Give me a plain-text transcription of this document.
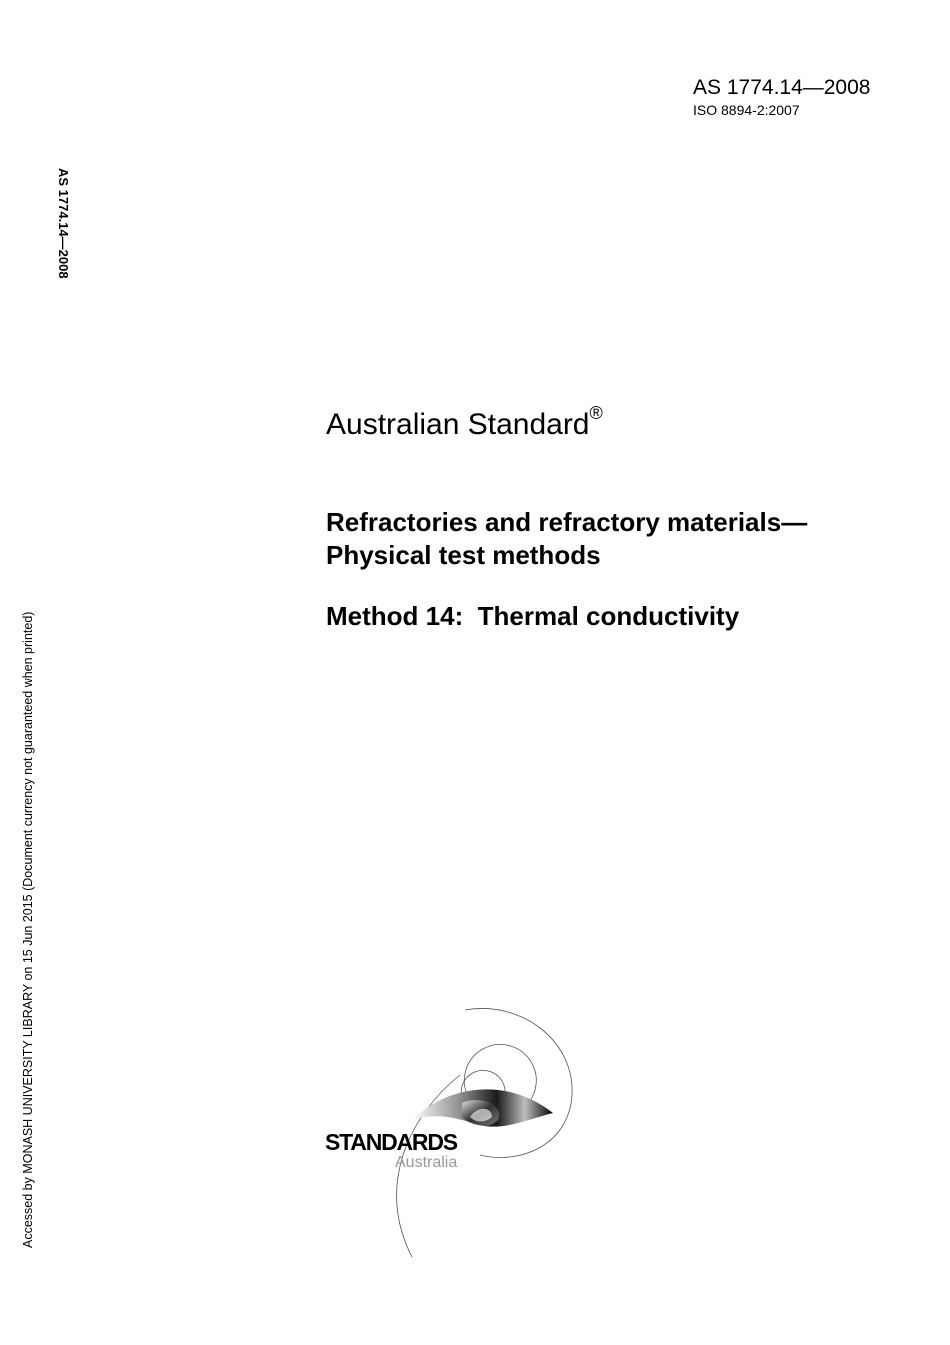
AS 1774.14—2008
ISO 8894-2:2007
AS 1774.14—2008
Accessed by MONASH UNIVERSITY LIBRARY on 15 Jun 2015 (Document currency not guaranteed when printed)
Australian Standard®
Refractories and refractory materials—
Physical test methods
Method 14:  Thermal conductivity
STANDARDS
Australia
